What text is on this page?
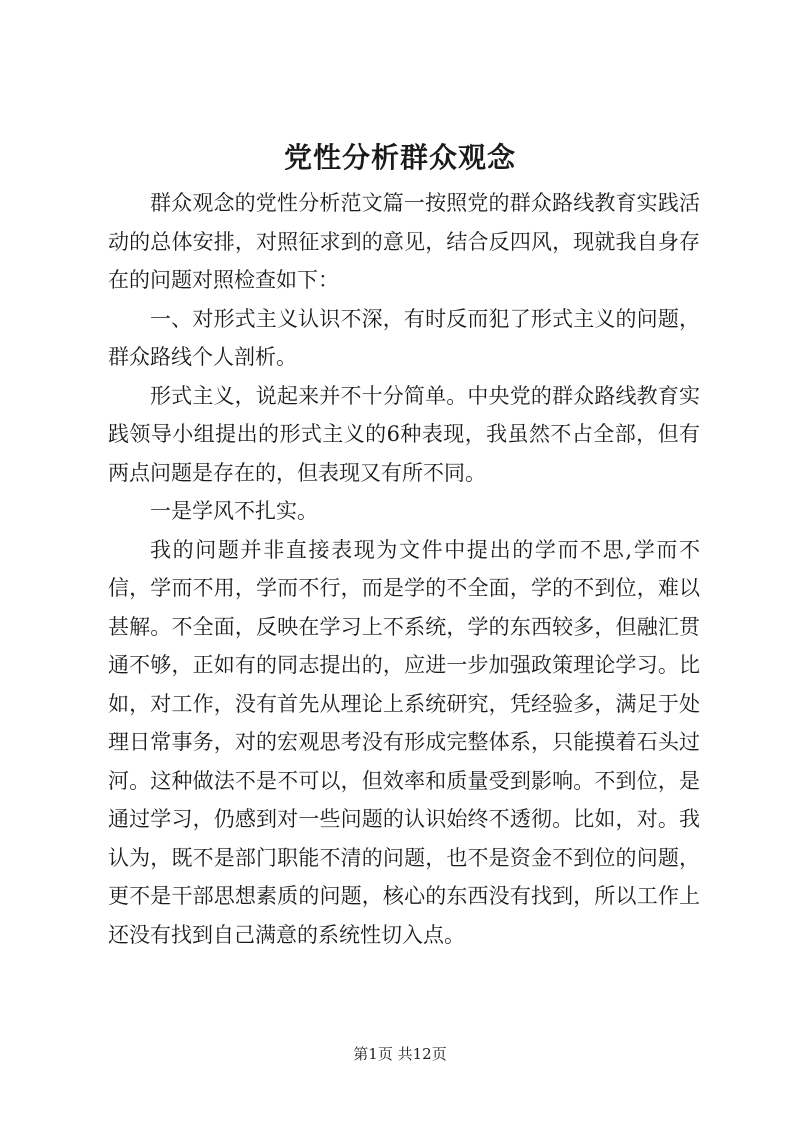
党性分析群众观念

群众观念的党性分析范文篇一按照党的群众路线教育实践活动的总体安排，对照征求到的意见，结合反四风，现就我自身存在的问题对照检查如下：

一、对形式主义认识不深，有时反而犯了形式主义的问题，群众路线个人剖析。

形式主义，说起来并不十分简单。中央党的群众路线教育实践领导小组提出的形式主义的6种表现，我虽然不占全部，但有两点问题是存在的，但表现又有所不同。

一是学风不扎实。

我的问题并非直接表现为文件中提出的学而不思,学而不信，学而不用，学而不行，而是学的不全面，学的不到位，难以甚解。不全面，反映在学习上不系统，学的东西较多，但融汇贯通不够，正如有的同志提出的，应进一步加强政策理论学习。比如，对工作，没有首先从理论上系统研究，凭经验多，满足于处理日常事务，对的宏观思考没有形成完整体系，只能摸着石头过河。这种做法不是不可以，但效率和质量受到影响。不到位，是通过学习，仍感到对一些问题的认识始终不透彻。比如，对。我认为，既不是部门职能不清的问题，也不是资金不到位的问题，更不是干部思想素质的问题，核心的东西没有找到，所以工作上还没有找到自己满意的系统性切入点。

第1页 共12页
